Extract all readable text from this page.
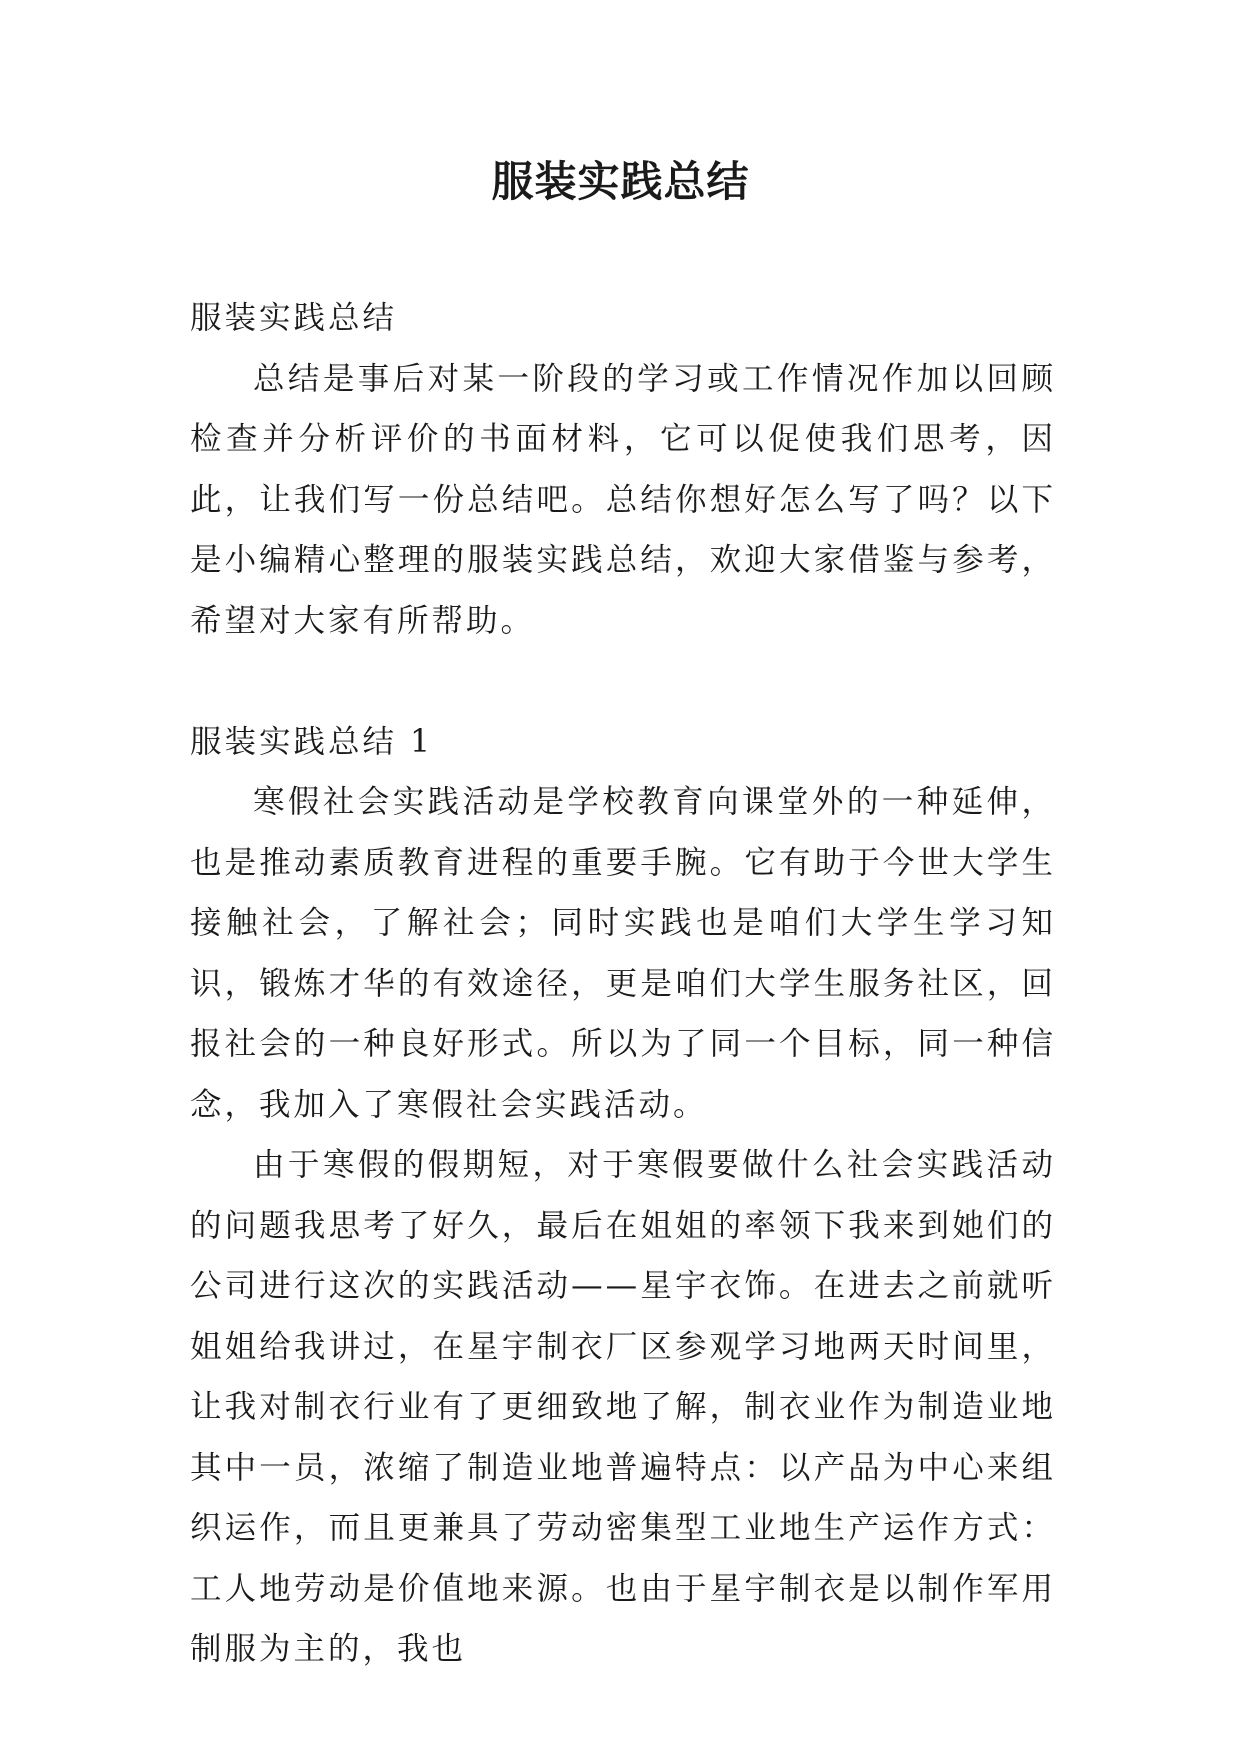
服装实践总结

服装实践总结

总结是事后对某一阶段的学习或工作情况作加以回顾检查并分析评价的书面材料，它可以促使我们思考，因此，让我们写一份总结吧。总结你想好怎么写了吗？以下是小编精心整理的服装实践总结，欢迎大家借鉴与参考，希望对大家有所帮助。

服装实践总结 1

寒假社会实践活动是学校教育向课堂外的一种延伸，也是推动素质教育进程的重要手腕。它有助于今世大学生接触社会，了解社会；同时实践也是咱们大学生学习知识，锻炼才华的有效途径，更是咱们大学生服务社区，回报社会的一种良好形式。所以为了同一个目标，同一种信念，我加入了寒假社会实践活动。

由于寒假的假期短，对于寒假要做什么社会实践活动的问题我思考了好久，最后在姐姐的率领下我来到她们的公司进行这次的实践活动——星宇衣饰。在进去之前就听姐姐给我讲过，在星宇制衣厂区参观学习地两天时间里，让我对制衣行业有了更细致地了解，制衣业作为制造业地其中一员，浓缩了制造业地普遍特点：以产品为中心来组织运作，而且更兼具了劳动密集型工业地生产运作方式：工人地劳动是价值地来源。也由于星宇制衣是以制作军用制服为主的，我也
